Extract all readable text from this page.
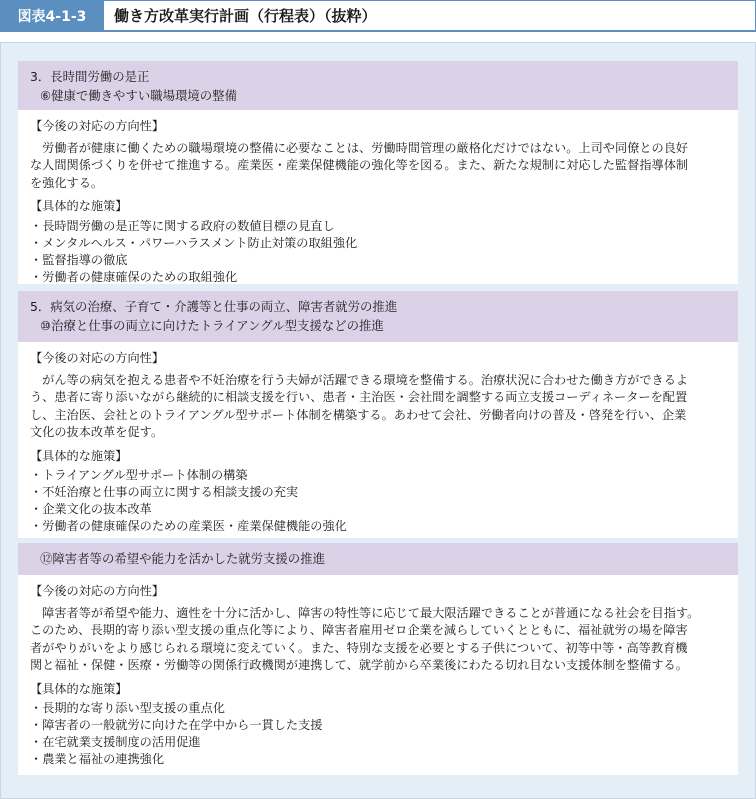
図表4-1-3	働き方改革実行計画（行程表）（抜粋）
3．長時間労働の是正
⑥健康で働きやすい職場環境の整備

【今後の対応の方向性】

　労働者が健康に働くための職場環境の整備に必要なことは、労働時間管理の厳格化だけではない。上司や同僚との良好
な人間関係づくりを併せて推進する。産業医・産業保健機能の強化等を図る。また、新たな規制に対応した監督指導体制
を強化する。

【具体的な施策】

・ 長時間労働の是正等に関する政府の数値目標の見直し
・ メンタルヘルス・パワーハラスメント防止対策の取組強化
・ 監督指導の徹底
・ 労働者の健康確保のための取組強化
5．病気の治療、子育て・介護等と仕事の両立、障害者就労の推進
⑩治療と仕事の両立に向けたトライアングル型支援などの推進

【今後の対応の方向性】

　がん等の病気を抱える患者や不妊治療を行う夫婦が活躍できる環境を整備する。治療状況に合わせた働き方ができるよ
う、患者に寄り添いながら継続的に相談支援を行い、患者・主治医・会社間を調整する両立支援コーディネーターを配置
し、主治医、会社とのトライアングル型サポート体制を構築する。あわせて会社、労働者向けの普及・啓発を行い、企業
文化の抜本改革を促す。

【具体的な施策】

・ トライアングル型サポート体制の構築
・ 不妊治療と仕事の両立に関する相談支援の充実
・ 企業文化の抜本改革
・ 労働者の健康確保のための産業医・産業保健機能の強化
⑫障害者等の希望や能力を活かした就労支援の推進

【今後の対応の方向性】

　障害者等が希望や能力、適性を十分に活かし、障害の特性等に応じて最大限活躍できることが普通になる社会を目指す。
このため、長期的寄り添い型支援の重点化等により、障害者雇用ゼロ企業を減らしていくとともに、福祉就労の場を障害
者がやりがいをより感じられる環境に変えていく。また、特別な支援を必要とする子供について、初等中等・高等教育機
関と福祉・保健・医療・労働等の関係行政機関が連携して、就学前から卒業後にわたる切れ目ない支援体制を整備する。

【具体的な施策】

・ 長期的な寄り添い型支援の重点化
・ 障害者の一般就労に向けた在学中から一貫した支援
・ 在宅就業支援制度の活用促進
・ 農業と福祉の連携強化
